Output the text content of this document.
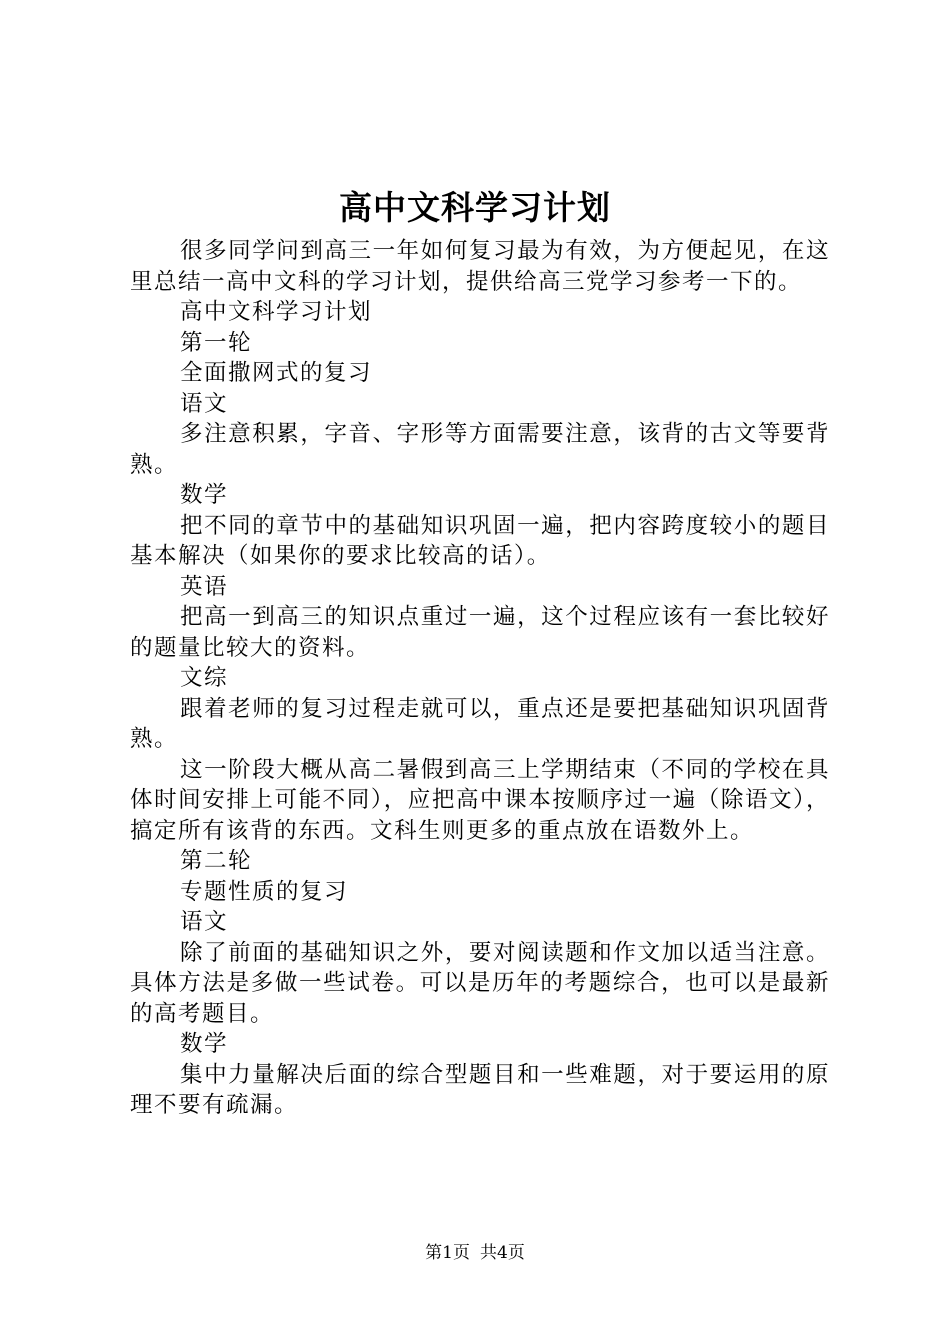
高中文科学习计划

很多同学问到高三一年如何复习最为有效，为方便起见，在这里总结一高中文科的学习计划，提供给高三党学习参考一下的。

高中文科学习计划

第一轮

全面撒网式的复习

语文

多注意积累，字音、字形等方面需要注意，该背的古文等要背熟。

数学

把不同的章节中的基础知识巩固一遍，把内容跨度较小的题目基本解决（如果你的要求比较高的话）。

英语

把高一到高三的知识点重过一遍，这个过程应该有一套比较好的题量比较大的资料。

文综

跟着老师的复习过程走就可以，重点还是要把基础知识巩固背熟。

这一阶段大概从高二暑假到高三上学期结束（不同的学校在具体时间安排上可能不同），应把高中课本按顺序过一遍（除语文），搞定所有该背的东西。文科生则更多的重点放在语数外上。

第二轮

专题性质的复习

语文

除了前面的基础知识之外，要对阅读题和作文加以适当注意。具体方法是多做一些试卷。可以是历年的考题综合，也可以是最新的高考题目。

数学

集中力量解决后面的综合型题目和一些难题，对于要运用的原理不要有疏漏。

第1页 共4页
